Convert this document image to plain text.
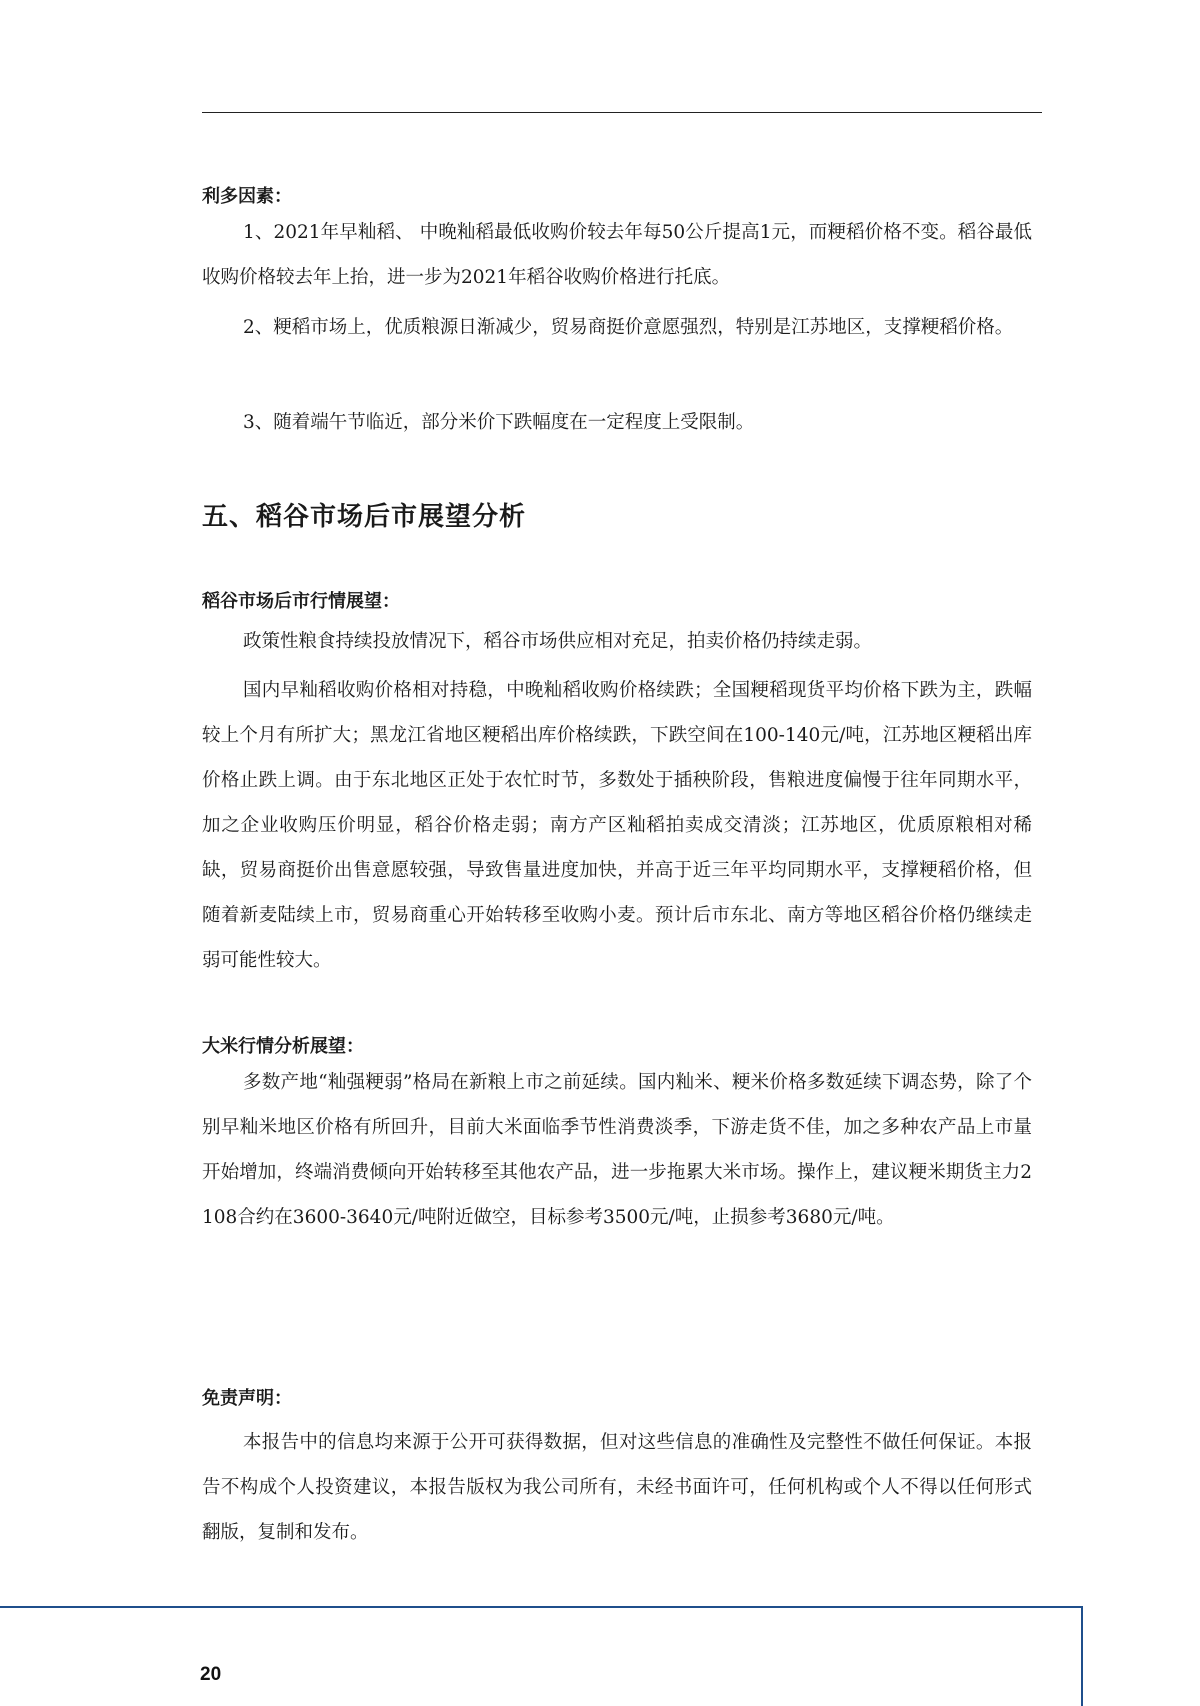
利多因素：
1、2021年早籼稻、 中晚籼稻最低收购价较去年每50公斤提高1元，而粳稻价格不变。稻谷最低收购价格较去年上抬，进一步为2021年稻谷收购价格进行托底。
2、粳稻市场上，优质粮源日渐减少，贸易商挺价意愿强烈，特别是江苏地区，支撑粳稻价格。
3、随着端午节临近，部分米价下跌幅度在一定程度上受限制。
五、稻谷市场后市展望分析
稻谷市场后市行情展望：
政策性粮食持续投放情况下，稻谷市场供应相对充足，拍卖价格仍持续走弱。
国内早籼稻收购价格相对持稳，中晚籼稻收购价格续跌；全国粳稻现货平均价格下跌为主，跌幅较上个月有所扩大；黑龙江省地区粳稻出库价格续跌，下跌空间在100-140元/吨，江苏地区粳稻出库价格止跌上调。由于东北地区正处于农忙时节，多数处于插秧阶段，售粮进度偏慢于往年同期水平，加之企业收购压价明显，稻谷价格走弱；南方产区籼稻拍卖成交清淡；江苏地区，优质原粮相对稀缺，贸易商挺价出售意愿较强，导致售量进度加快，并高于近三年平均同期水平，支撑粳稻价格，但随着新麦陆续上市，贸易商重心开始转移至收购小麦。预计后市东北、南方等地区稻谷价格仍继续走弱可能性较大。
大米行情分析展望：
多数产地“籼强粳弱”格局在新粮上市之前延续。国内籼米、粳米价格多数延续下调态势，除了个别早籼米地区价格有所回升，目前大米面临季节性消费淡季，下游走货不佳，加之多种农产品上市量开始增加，终端消费倾向开始转移至其他农产品，进一步拖累大米市场。操作上，建议粳米期货主力2108合约在3600-3640元/吨附近做空，目标参考3500元/吨，止损参考3680元/吨。
免责声明：
本报告中的信息均来源于公开可获得数据，但对这些信息的准确性及完整性不做任何保证。本报告不构成个人投资建议，本报告版权为我公司所有，未经书面许可，任何机构或个人不得以任何形式翻版，复制和发布。
20
